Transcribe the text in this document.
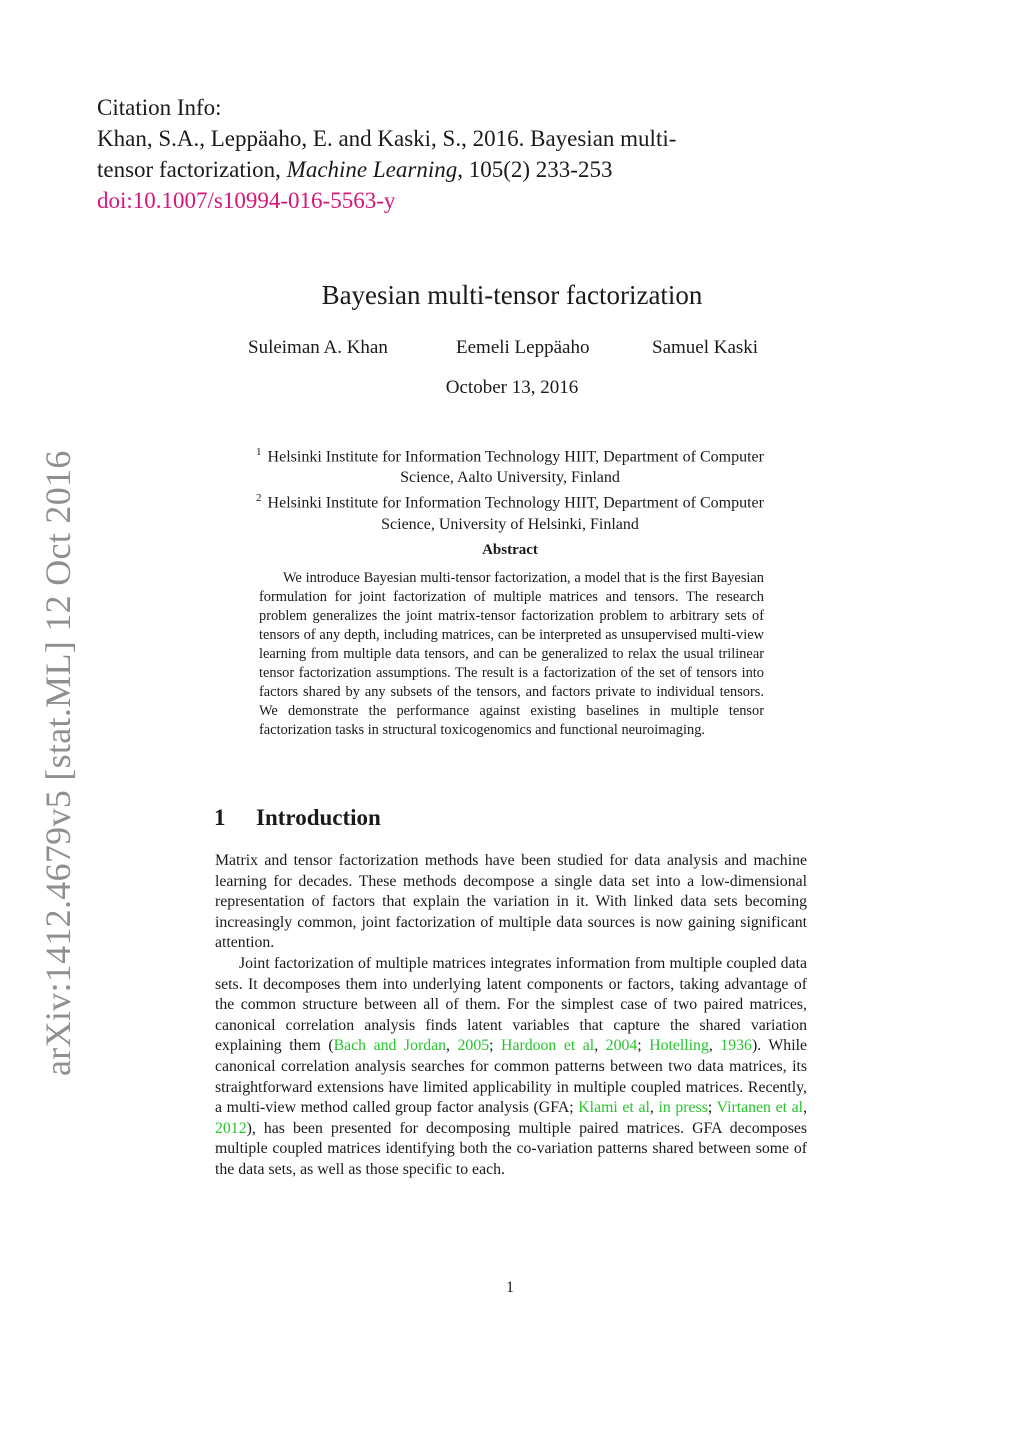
Citation Info:
Khan, S.A., Leppäaho, E. and Kaski, S., 2016. Bayesian multi-
tensor factorization, Machine Learning, 105(2) 233-253
doi:10.1007/s10994-016-5563-y
arXiv:1412.4679v5 [stat.ML] 12 Oct 2016
Bayesian multi-tensor factorization
Suleiman A. Khan	Eemeli Leppäaho	Samuel Kaski
October 13, 2016
$^1$ Helsinki Institute for Information Technology HIIT, Department of Computer Science, Aalto University, Finland
$^2$ Helsinki Institute for Information Technology HIIT, Department of Computer Science, University of Helsinki, Finland
Abstract
We introduce Bayesian multi-tensor factorization, a model that is the first Bayesian formulation for joint factorization of multiple matrices and tensors. The research problem generalizes the joint matrix-tensor factorization problem to arbitrary sets of tensors of any depth, including matrices, can be interpreted as unsupervised multi-view learning from multiple data tensors, and can be generalized to relax the usual trilinear tensor factorization assumptions. The result is a factorization of the set of tensors into factors shared by any subsets of the tensors, and factors private to individual tensors. We demonstrate the performance against existing baselines in multiple tensor factorization tasks in structural toxicogenomics and functional neuroimaging.
1 Introduction
Matrix and tensor factorization methods have been studied for data analysis and machine learning for decades. These methods decompose a single data set into a low-dimensional representation of factors that explain the variation in it. With linked data sets becoming increasingly common, joint factorization of multiple data sources is now gaining significant attention.
Joint factorization of multiple matrices integrates information from multiple coupled data sets. It decomposes them into underlying latent components or factors, taking advantage of the common structure between all of them. For the simplest case of two paired matrices, canonical correlation analysis finds latent variables that capture the shared variation explaining them (Bach and Jordan, 2005; Hardoon et al, 2004; Hotelling, 1936). While canonical correlation analysis searches for common patterns between two data matrices, its straightforward extensions have limited applicability in multiple coupled matrices. Recently, a multi-view method called group factor analysis (GFA; Klami et al, in press; Virtanen et al, 2012), has been presented for decomposing multiple paired matrices. GFA decomposes multiple coupled matrices identifying both the co-variation patterns shared between some of the data sets, as well as those specific to each.
1
